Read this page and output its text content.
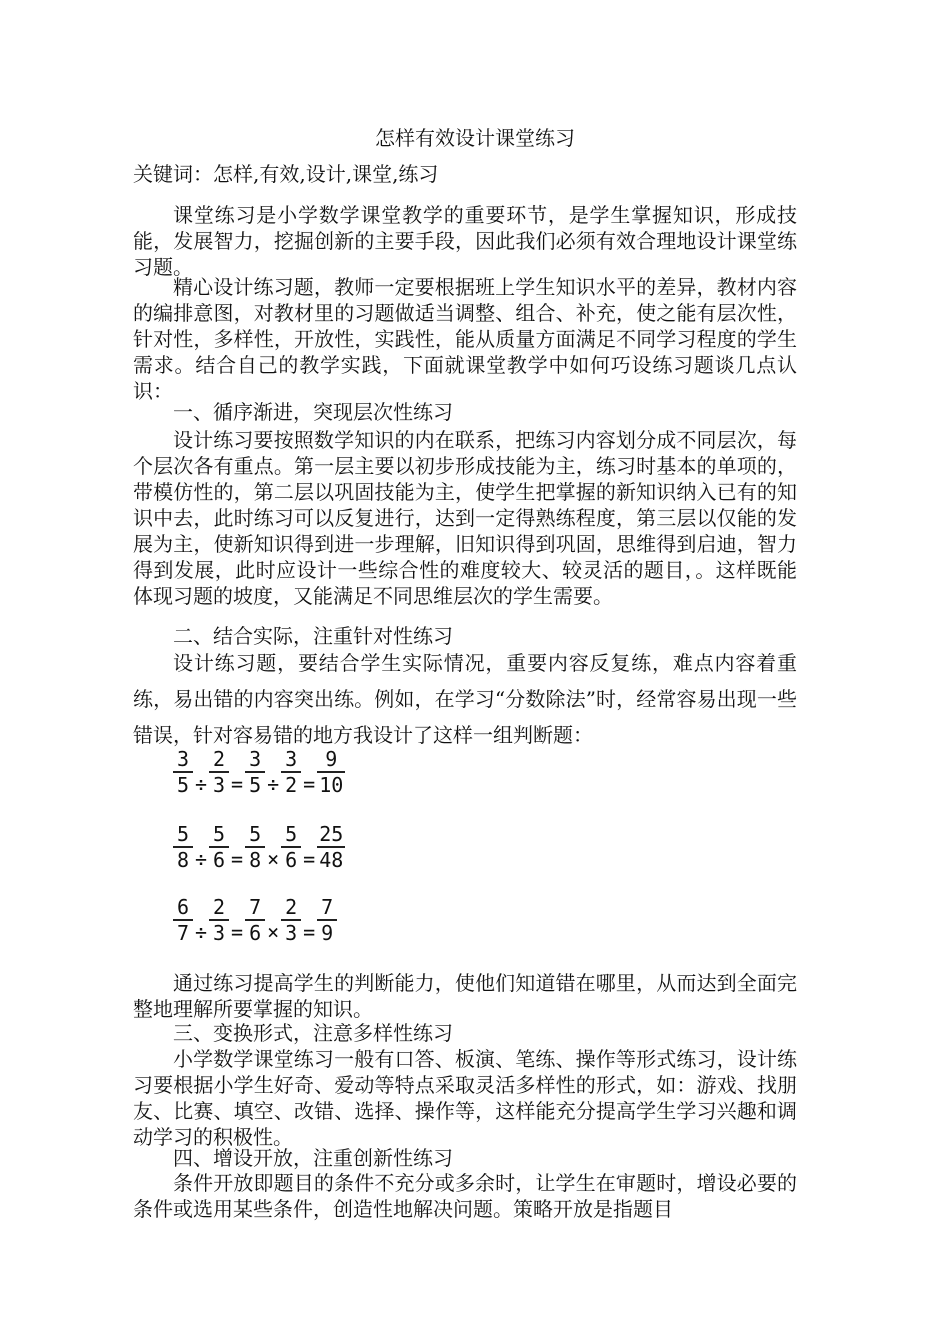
怎样有效设计课堂练习
关键词：怎样,有效,设计,课堂,练习

课堂练习是小学数学课堂教学的重要环节，是学生掌握知识，形成技能，发展智力，挖掘创新的主要手段，因此我们必须有效合理地设计课堂练习题。

精心设计练习题，教师一定要根据班上学生知识水平的差异，教材内容的编排意图，对教材里的习题做适当调整、组合、补充，使之能有层次性，针对性，多样性，开放性，实践性，能从质量方面满足不同学习程度的学生需求。结合自己的教学实践，下面就课堂教学中如何巧设练习题谈几点认识：

一、循序渐进，突现层次性练习

设计练习要按照数学知识的内在联系，把练习内容划分成不同层次，每个层次各有重点。第一层主要以初步形成技能为主，练习时基本的单项的，带模仿性的，第二层以巩固技能为主，使学生把掌握的新知识纳入已有的知识中去，此时练习可以反复进行，达到一定得熟练程度，第三层以仅能的发展为主，使新知识得到进一步理解，旧知识得到巩固，思维得到启迪，智力得到发展，此时应设计一些综合性的难度较大、较灵活的题目，。这样既能体现习题的坡度，又能满足不同思维层次的学生需要。

二、结合实际，注重针对性练习

设计练习题，要结合学生实际情况，重要内容反复练，难点内容着重练，易出错的内容突出练。例如，在学习“分数除法”时，经常容易出现一些错误，针对容易错的地方我设计了这样一组判断题：

$\frac{3}{5} \div \frac{2}{3} = \frac{3}{5} \div \frac{3}{2} = \frac{9}{10}$
$\frac{5}{8} \div \frac{5}{6} = \frac{5}{8} \times \frac{5}{6} = \frac{25}{48}$
$\frac{6}{7} \div \frac{2}{3} = \frac{7}{6} \times \frac{2}{3} = \frac{7}{9}$

通过练习提高学生的判断能力，使他们知道错在哪里，从而达到全面完整地理解所要掌握的知识。

三、变换形式，注意多样性练习

小学数学课堂练习一般有口答、板演、笔练、操作等形式练习，设计练习要根据小学生好奇、爱动等特点采取灵活多样性的形式，如：游戏、找朋友、比赛、填空、改错、选择、操作等，这样能充分提高学生学习兴趣和调动学习的积极性。

四、增设开放，注重创新性练习

条件开放即题目的条件不充分或多余时，让学生在审题时，增设必要的条件或选用某些条件，创造性地解决问题。策略开放是指题目
